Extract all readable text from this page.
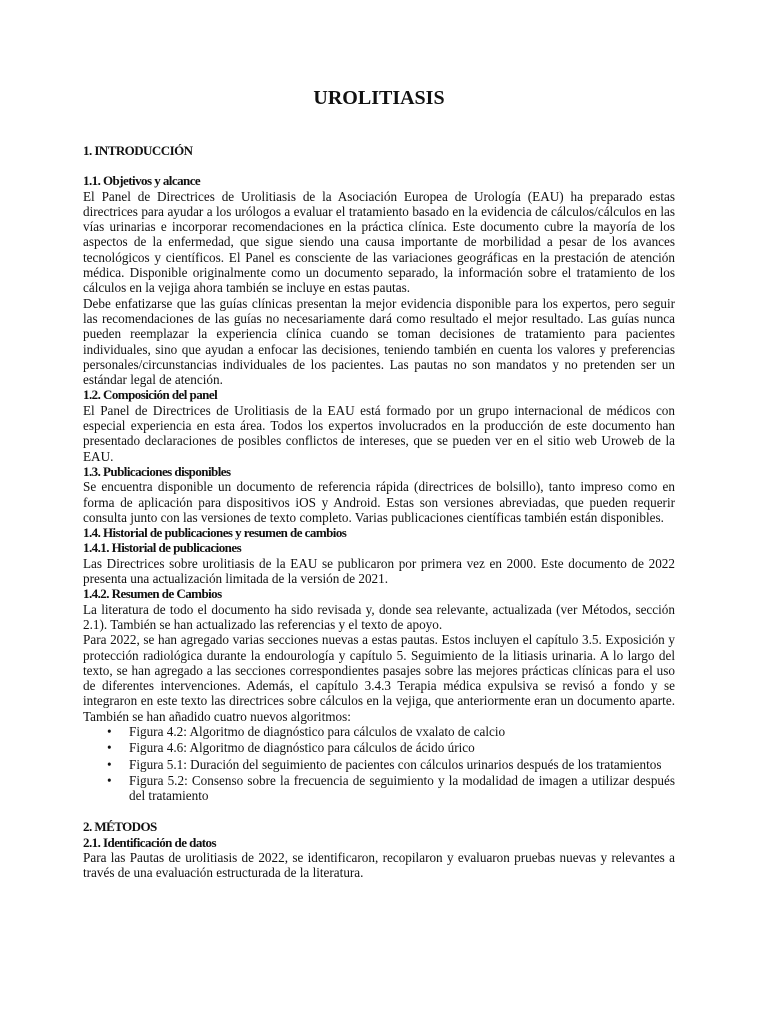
UROLITIASIS
1. INTRODUCCIÓN
1.1. Objetivos y alcance
El Panel de Directrices de Urolitiasis de la Asociación Europea de Urología (EAU) ha preparado estas directrices para ayudar a los urólogos a evaluar el tratamiento basado en la evidencia de cálculos/cálculos en las vías urinarias e incorporar recomendaciones en la práctica clínica. Este documento cubre la mayoría de los aspectos de la enfermedad, que sigue siendo una causa importante de morbilidad a pesar de los avances tecnológicos y científicos. El Panel es consciente de las variaciones geográficas en la prestación de atención médica. Disponible originalmente como un documento separado, la información sobre el tratamiento de los cálculos en la vejiga ahora también se incluye en estas pautas.
Debe enfatizarse que las guías clínicas presentan la mejor evidencia disponible para los expertos, pero seguir las recomendaciones de las guías no necesariamente dará como resultado el mejor resultado. Las guías nunca pueden reemplazar la experiencia clínica cuando se toman decisiones de tratamiento para pacientes individuales, sino que ayudan a enfocar las decisiones, teniendo también en cuenta los valores y preferencias personales/circunstancias individuales de los pacientes. Las pautas no son mandatos y no pretenden ser un estándar legal de atención.
1.2. Composición del panel
El Panel de Directrices de Urolitiasis de la EAU está formado por un grupo internacional de médicos con especial experiencia en esta área. Todos los expertos involucrados en la producción de este documento han presentado declaraciones de posibles conflictos de intereses, que se pueden ver en el sitio web Uroweb de la EAU.
1.3. Publicaciones disponibles
Se encuentra disponible un documento de referencia rápida (directrices de bolsillo), tanto impreso como en forma de aplicación para dispositivos iOS y Android. Estas son versiones abreviadas, que pueden requerir consulta junto con las versiones de texto completo. Varias publicaciones científicas también están disponibles.
1.4. Historial de publicaciones y resumen de cambios
1.4.1. Historial de publicaciones
Las Directrices sobre urolitiasis de la EAU se publicaron por primera vez en 2000. Este documento de 2022 presenta una actualización limitada de la versión de 2021.
1.4.2. Resumen de Cambios
La literatura de todo el documento ha sido revisada y, donde sea relevante, actualizada (ver Métodos, sección 2.1). También se han actualizado las referencias y el texto de apoyo.
Para 2022, se han agregado varias secciones nuevas a estas pautas. Estos incluyen el capítulo 3.5. Exposición y protección radiológica durante la endourología y capítulo 5. Seguimiento de la litiasis urinaria. A lo largo del texto, se han agregado a las secciones correspondientes pasajes sobre las mejores prácticas clínicas para el uso de diferentes intervenciones. Además, el capítulo 3.4.3 Terapia médica expulsiva se revisó a fondo y se integraron en este texto las directrices sobre cálculos en la vejiga, que anteriormente eran un documento aparte. También se han añadido cuatro nuevos algoritmos:
• Figura 4.2: Algoritmo de diagnóstico para cálculos de vxalato de calcio
• Figura 4.6: Algoritmo de diagnóstico para cálculos de ácido úrico
• Figura 5.1: Duración del seguimiento de pacientes con cálculos urinarios después de los tratamientos
• Figura 5.2: Consenso sobre la frecuencia de seguimiento y la modalidad de imagen a utilizar después del tratamiento
2. MÉTODOS
2.1. Identificación de datos
Para las Pautas de urolitiasis de 2022, se identificaron, recopilaron y evaluaron pruebas nuevas y relevantes a través de una evaluación estructurada de la literatura.
